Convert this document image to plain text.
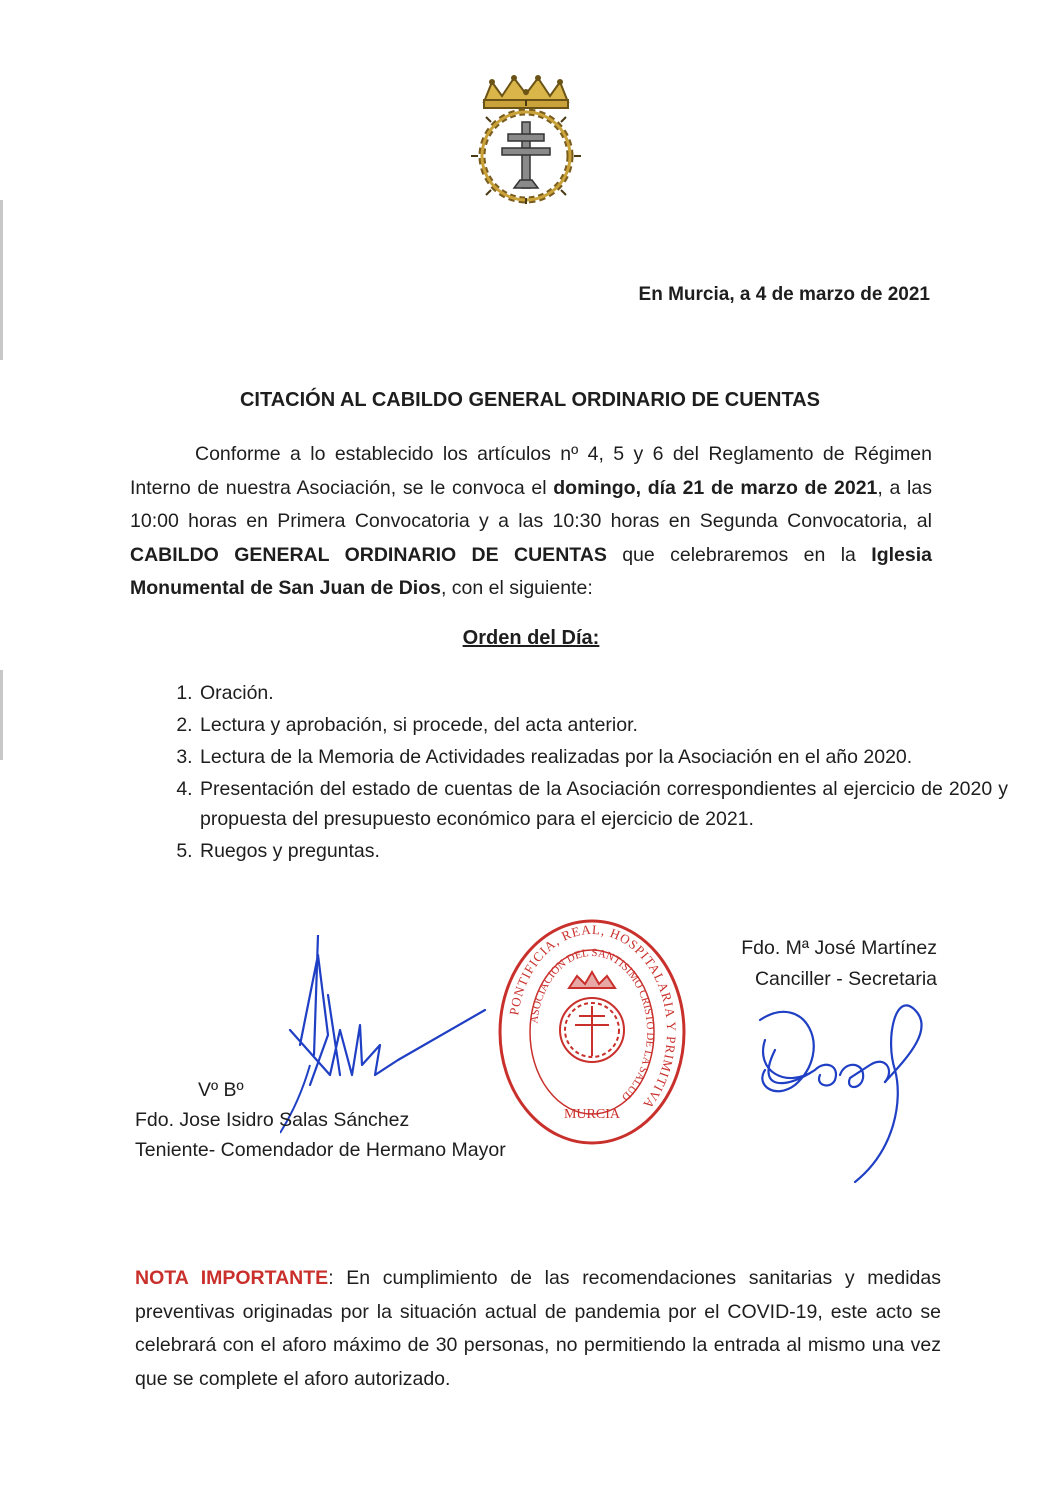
En Murcia, a 4 de marzo de 2021
CITACIÓN AL CABILDO GENERAL ORDINARIO DE CUENTAS

Conforme a lo establecido los artículos nº 4, 5 y 6 del Reglamento de Régimen Interno de nuestra Asociación, se le convoca el domingo, día 21 de marzo de 2021, a las 10:00 horas en Primera Convocatoria y a las 10:30 horas en Segunda Convocatoria, al CABILDO GENERAL ORDINARIO DE CUENTAS que celebraremos en la Iglesia Monumental de San Juan de Dios, con el siguiente:

Orden del Día:
1. Oración.
2. Lectura y aprobación, si procede, del acta anterior.
3. Lectura de la Memoria de Actividades realizadas por la Asociación en el año 2020.
4. Presentación del estado de cuentas de la Asociación correspondientes al ejercicio de 2020 y propuesta del presupuesto económico para el ejercicio de 2021.
5. Ruegos y preguntas.
PONTIFICIA, REAL, HOSPITALARIA Y PRIMITIVA
ASOCIACION DEL SANTISIMO CRISTO DE LA SALUD
MURCIA
Fdo. Mª José Martínez
Canciller - Secretaria
Vº Bº
Fdo. Jose Isidro Salas Sánchez
Teniente- Comendador de Hermano Mayor
NOTA IMPORTANTE: En cumplimiento de las recomendaciones sanitarias y medidas preventivas originadas por la situación actual de pandemia por el COVID-19, este acto se celebrará con el aforo máximo de 30 personas, no permitiendo la entrada al mismo una vez que se complete el aforo autorizado.
